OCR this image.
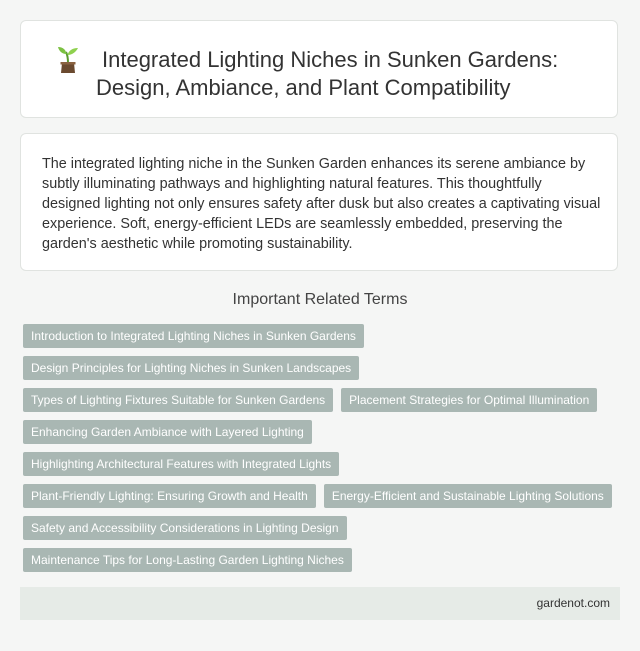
Integrated Lighting Niches in Sunken Gardens: Design, Ambiance, and Plant Compatibility

The integrated lighting niche in the Sunken Garden enhances its serene ambiance by subtly illuminating pathways and highlighting natural features. This thoughtfully designed lighting not only ensures safety after dusk but also creates a captivating visual experience. Soft, energy-efficient LEDs are seamlessly embedded, preserving the garden's aesthetic while promoting sustainability.

Important Related Terms
Introduction to Integrated Lighting Niches in Sunken Gardens
Design Principles for Lighting Niches in Sunken Landscapes
Types of Lighting Fixtures Suitable for Sunken Gardens	Placement Strategies for Optimal Illumination
Enhancing Garden Ambiance with Layered Lighting
Highlighting Architectural Features with Integrated Lights
Plant-Friendly Lighting: Ensuring Growth and Health	Energy-Efficient and Sustainable Lighting Solutions
Safety and Accessibility Considerations in Lighting Design
Maintenance Tips for Long-Lasting Garden Lighting Niches
gardenot.com
